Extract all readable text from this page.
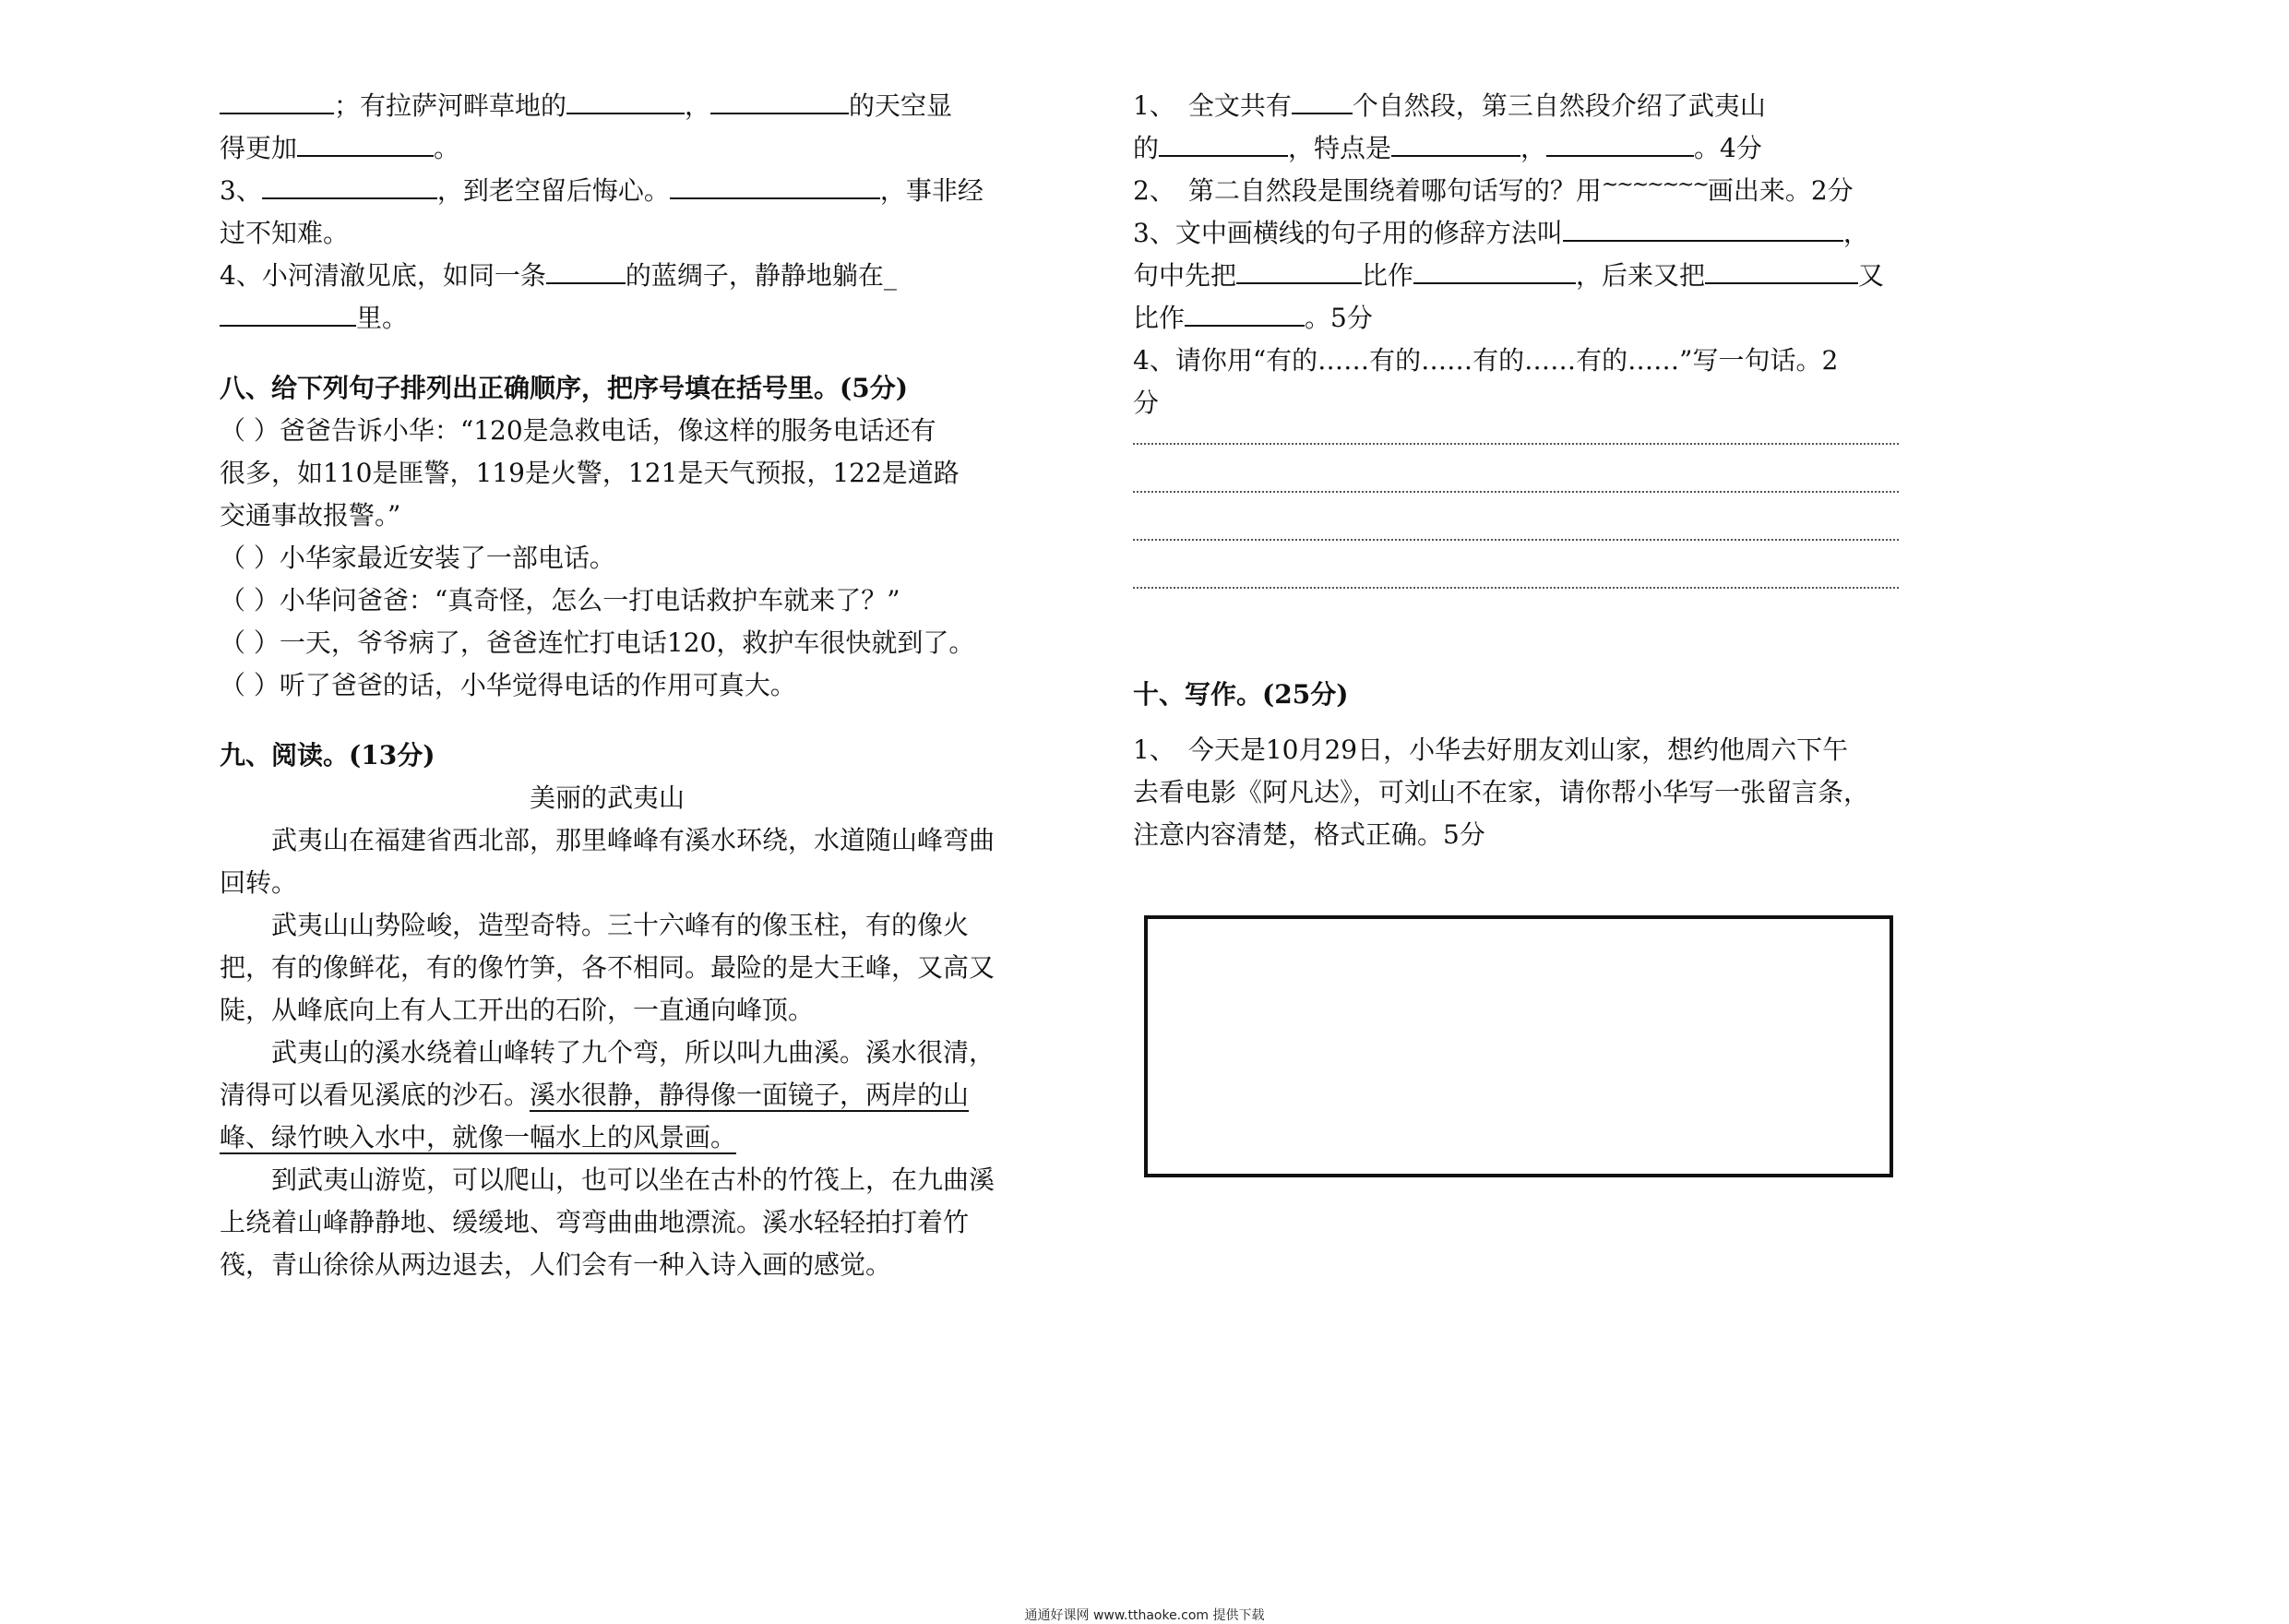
；有拉萨河畔草地的	，	的天空显
得更加	。
3、	，到老空留后悔心。	，事非经
过不知难。
4、小河清澈见底，如同一条	的蓝绸子，静静地躺在_
里。
八、给下列句子排列出正确顺序，把序号填在括号里。(5分)
（ ）爸爸告诉小华：“120是急救电话，像这样的服务电话还有
很多，如110是匪警，119是火警，121是天气预报，122是道路
交通事故报警。”
（ ）小华家最近安装了一部电话。
（ ）小华问爸爸：“真奇怪，怎么一打电话救护车就来了？”
（ ）一天，爷爷病了，爸爸连忙打电话120，救护车很快就到了。
（ ）听了爸爸的话，小华觉得电话的作用可真大。
九、阅读。(13分)
美丽的武夷山
武夷山在福建省西北部，那里峰峰有溪水环绕，水道随山峰弯曲回转。
武夷山山势险峻，造型奇特。三十六峰有的像玉柱，有的像火把，有的像鲜花，有的像竹笋，各不相同。最险的是大王峰，又高又陡，从峰底向上有人工开出的石阶，一直通向峰顶。
武夷山的溪水绕着山峰转了九个弯，所以叫九曲溪。溪水很清，清得可以看见溪底的沙石。溪水很静，静得像一面镜子，两岸的山峰、绿竹映入水中，就像一幅水上的风景画。
到武夷山游览，可以爬山，也可以坐在古朴的竹筏上，在九曲溪上绕着山峰静静地、缓缓地、弯弯曲曲地漂流。溪水轻轻拍打着竹筏，青山徐徐从两边退去，人们会有一种入诗入画的感觉。
1、　全文共有 个自然段，第三自然段介绍了武夷山
的	，特点是	，	。4分
2、　第二自然段是围绕着哪句话写的？用~~~~~~~画出来。2分
3、文中画横线的句子用的修辞方法叫	，
句中先把	比作	，后来又把	又
比作	。5分
4、请你用“有的……有的……有的……有的……”写一句话。2
分
十、写作。(25分)
1、　今天是10月29日，小华去好朋友刘山家，想约他周六下午
去看电影《阿凡达》，可刘山不在家，请你帮小华写一张留言条，
注意内容清楚，格式正确。5分
通通好课网 www.tthaoke.com 提供下载
